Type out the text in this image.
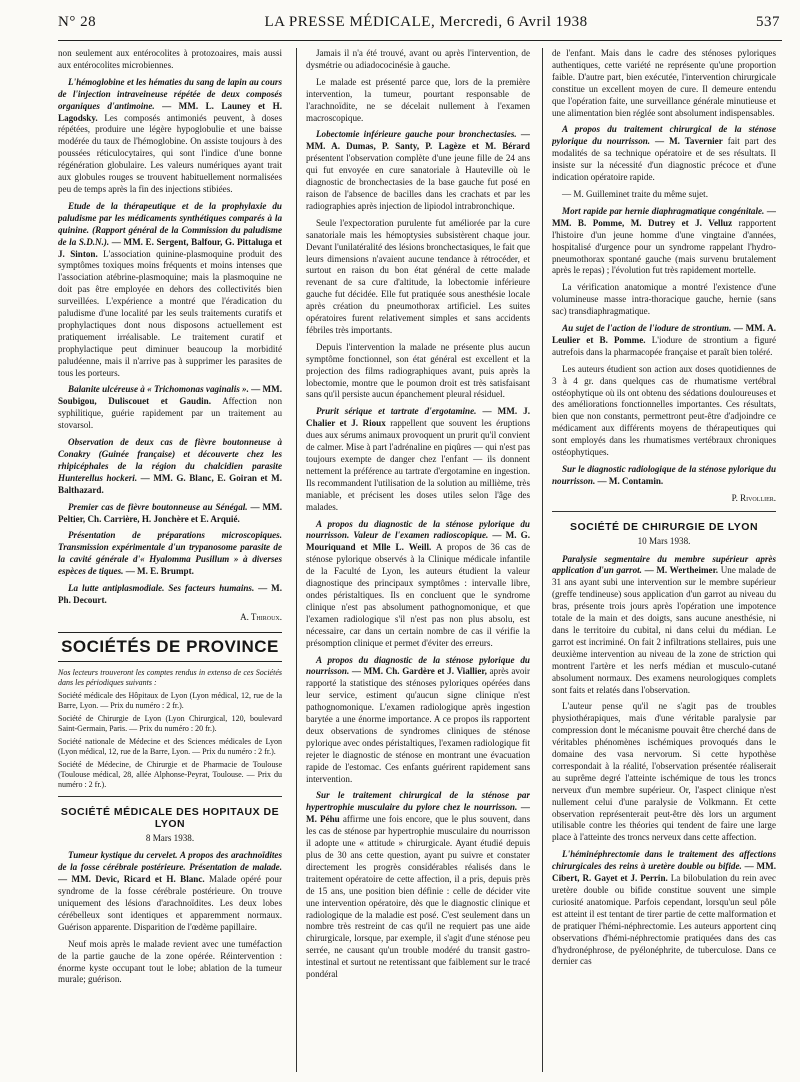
N° 28	LA PRESSE MÉDICALE, Mercredi, 6 Avril 1938	537

non seulement aux entérocolites à protozoaires, mais aussi aux entérocolites microbiennes.

L'hémoglobine et les hématies du sang de lapin au cours de l'injection intraveineuse répétée de deux composés organiques d'antimoine. — MM. L. Launey et H. Lagodsky. Les composés antimoniés peuvent, à doses répétées, produire une légère hypoglobulie et une baisse modérée du taux de l'hémoglobine. On assiste toujours à des poussées réticulocytaires, qui sont l'indice d'une bonne régénération globulaire. Les valeurs numériques ayant trait aux globules rouges se trouvent habituellement normalisées peu de temps après la fin des injections stibiées.

Etude de la thérapeutique et de la prophylaxie du paludisme par les médicaments synthétiques comparés à la quinine. (Rapport général de la Commission du paludisme de la S.D.N.). — MM. E. Sergent, Balfour, G. Pittaluga et J. Sinton. L'association quinine-plasmoquine produit des symptômes toxiques moins fréquents et moins intenses que l'association atébrine-plasmoquine; mais la plasmoquine ne doit pas être employée en dehors des collectivités bien surveillées. L'expérience a montré que l'éradication du paludisme d'une localité par les seuls traitements curatifs et prophylactiques dont nous disposons actuellement est pratiquement irréalisable. Le traitement curatif et prophylactique peut diminuer beaucoup la morbidité paludéenne, mais il n'arrive pas à supprimer les parasites de tous les porteurs.

Balanite ulcéreuse à « Trichomonas vaginalis ». — MM. Soubigou, Duliscouet et Gaudin. Affection non syphilitique, guérie rapidement par un traitement au stovarsol.

Observation de deux cas de fièvre boutonneuse à Conakry (Guinée française) et découverte chez les rhipicéphales de la région du chalcidien parasite Hunterellus hockeri. — MM. G. Blanc, E. Goiran et M. Balthazard.

Premier cas de fièvre boutonneuse au Sénégal. — MM. Peltier, Ch. Carrière, H. Jonchère et E. Arquié.

Présentation de préparations microscopiques. Transmission expérimentale d'un trypanosome parasite de la cavité générale d'« Hyalomma Pusillum » à diverses espèces de tiques. — M. E. Brumpt.

La lutte antiplasmodiale. Ses facteurs humains. — M. Ph. Decourt.

A. Thiroux.
SOCIÉTÉS DE PROVINCE

Nos lecteurs trouveront les comptes rendus in extenso de ces Sociétés dans les périodiques suivants :

Société médicale des Hôpitaux de Lyon (Lyon médical, 12, rue de la Barre, Lyon. — Prix du numéro : 2 fr.).

Société de Chirurgie de Lyon (Lyon Chirurgical, 120, boulevard Saint-Germain, Paris. — Prix du numéro : 20 fr.).

Société nationale de Médecine et des Sciences médicales de Lyon (Lyon médical, 12, rue de la Barre, Lyon. — Prix du numéro : 2 fr.).

Société de Médecine, de Chirurgie et de Pharmacie de Toulouse (Toulouse médical, 28, allée Alphonse-Peyrat, Toulouse. — Prix du numéro : 2 fr.).

SOCIÉTÉ MÉDICALE DES HOPITAUX DE LYON
8 Mars 1938.

Tumeur kystique du cervelet. A propos des arachnoïdites de la fosse cérébrale postérieure. Présentation de malade. — MM. Devic, Ricard et H. Blanc. Malade opéré pour syndrome de la fosse cérébrale postérieure. On trouve uniquement des lésions d'arachnoïdites. Les deux lobes cérébelleux sont identiques et apparemment normaux. Guérison apparente. Disparition de l'œdème papillaire.

Neuf mois après le malade revient avec une tuméfaction de la partie gauche de la zone opérée. Réintervention : énorme kyste occupant tout le lobe; ablation de la tumeur murale; guérison.

Jamais il n'a été trouvé, avant ou après l'intervention, de dysmétrie ou adiadococinésie à gauche.

Le malade est présenté parce que, lors de la première intervention, la tumeur, pourtant responsable de l'arachnoïdite, ne se décelait nullement à l'examen macroscopique.

Lobectomie inférieure gauche pour bronchectasies. — MM. A. Dumas, P. Santy, P. Lagèze et M. Bérard présentent l'observation complète d'une jeune fille de 24 ans qui fut envoyée en cure sanatoriale à Hauteville où le diagnostic de bronchectasies de la base gauche fut posé en raison de l'absence de bacilles dans les crachats et par les radiographies après injection de lipiodol intrabronchique.

Seule l'expectoration purulente fut améliorée par la cure sanatoriale mais les hémoptysies subsistèrent chaque jour. Devant l'unilatéralité des lésions bronchectasiques, le fait que leurs dimensions n'avaient aucune tendance à rétrocéder, et surtout en raison du bon état général de cette malade revenant de sa cure d'altitude, la lobectomie inférieure gauche fut décidée. Elle fut pratiquée sous anesthésie locale après création du pneumothorax artificiel. Les suites opératoires furent relativement simples et sans accidents fébriles très importants.

Depuis l'intervention la malade ne présente plus aucun symptôme fonctionnel, son état général est excellent et la projection des films radiographiques avant, puis après la lobectomie, montre que le poumon droit est très satisfaisant sans qu'il persiste aucun épanchement pleural résiduel.

Prurit sérique et tartrate d'ergotamine. — MM. J. Chalier et J. Rioux rappellent que souvent les éruptions dues aux sérums animaux provoquent un prurit qu'il convient de calmer. Mise à part l'adrénaline en piqûres — qui n'est pas toujours exempte de danger chez l'enfant — ils donnent nettement la préférence au tartrate d'ergotamine en ingestion. Ils recommandent l'utilisation de la solution au millième, très maniable, et précisent les doses utiles selon l'âge des malades.

A propos du diagnostic de la sténose pylorique du nourrisson. Valeur de l'examen radioscopique. — M. G. Mouriquand et Mlle L. Weill. A propos de 36 cas de sténose pylorique observés à la Clinique médicale infantile de la Faculté de Lyon, les auteurs étudient la valeur diagnostique des principaux symptômes : intervalle libre, ondes péristaltiques. Ils en concluent que le syndrome clinique n'est pas absolument pathognomonique, et que l'examen radiologique s'il n'est pas non plus absolu, est nécessaire, car dans un certain nombre de cas il vérifie la présomption clinique et permet d'éviter des erreurs.

A propos du diagnostic de la sténose pylorique du nourrisson. — MM. Ch. Gardère et J. Viallier, après avoir rapporté la statistique des sténoses pyloriques opérées dans leur service, estiment qu'aucun signe clinique n'est pathognomonique. L'examen radiologique après ingestion barytée a une énorme importance. A ce propos ils rapportent deux observations de syndromes cliniques de sténose pylorique avec ondes péristaltiques, l'examen radiologique fit rejeter le diagnostic de sténose en montrant une évacuation rapide de l'estomac. Ces enfants guérirent rapidement sans intervention.

Sur le traitement chirurgical de la sténose par hypertrophie musculaire du pylore chez le nourrisson. — M. Péhu affirme une fois encore, que le plus souvent, dans les cas de sténose par hypertrophie musculaire du nourrisson il adopte une « attitude » chirurgicale. Ayant étudié depuis plus de 30 ans cette question, ayant pu suivre et constater directement les progrès considérables réalisés dans le traitement opératoire de cette affection, il a pris, depuis près de 15 ans, une position bien définie : celle de décider vite une intervention opératoire, dès que le diagnostic clinique et radiologique de la maladie est posé. C'est seulement dans un nombre très restreint de cas qu'il ne requiert pas une aide chirurgicale, lorsque, par exemple, il s'agit d'une sténose peu serrée, ne causant qu'un trouble modéré du transit gastro-intestinal et surtout ne retentissant que faiblement sur le tracé pondéral

de l'enfant. Mais dans le cadre des sténoses pyloriques authentiques, cette variété ne représente qu'une proportion faible. D'autre part, bien exécutée, l'intervention chirurgicale constitue un excellent moyen de cure. Il demeure entendu que l'opération faite, une surveillance générale minutieuse et une alimentation bien réglée sont absolument indispensables.

A propos du traitement chirurgical de la sténose pylorique du nourrisson. — M. Tavernier fait part des modalités de sa technique opératoire et de ses résultats. Il insiste sur la nécessité d'un diagnostic précoce et d'une indication opératoire rapide.

— M. Guilleminet traite du même sujet.

Mort rapide par hernie diaphragmatique congénitale. — MM. B. Pomme, M. Dutrey et J. Velluz rapportent l'histoire d'un jeune homme d'une vingtaine d'années, hospitalisé d'urgence pour un syndrome rappelant l'hydro-pneumothorax spontané gauche (mais survenu brutalement après le repas) ; l'évolution fut très rapidement mortelle.

La vérification anatomique a montré l'existence d'une volumineuse masse intra-thoracique gauche, hernie (sans sac) transdiaphragmatique.

Au sujet de l'action de l'iodure de strontium. — MM. A. Leulier et B. Pomme. L'iodure de strontium a figuré autrefois dans la pharmacopée française et paraît bien toléré.

Les auteurs étudient son action aux doses quotidiennes de 3 à 4 gr. dans quelques cas de rhumatisme vertébral ostéophytique où ils ont obtenu des sédations douloureuses et des améliorations fonctionnelles importantes. Ces résultats, bien que non constants, permettront peut-être d'adjoindre ce médicament aux différents moyens de thérapeutiques qui sont employés dans les rhumatismes vertébraux chroniques ostéophytiques.

Sur le diagnostic radiologique de la sténose pylorique du nourrisson. — M. Contamin.

P. Rivollier.
SOCIÉTÉ DE CHIRURGIE DE LYON
10 Mars 1938.

Paralysie segmentaire du membre supérieur après application d'un garrot. — M. Wertheimer. Une malade de 31 ans ayant subi une intervention sur le membre supérieur (greffe tendineuse) sous application d'un garrot au niveau du bras, présente trois jours après l'opération une impotence totale de la main et des doigts, sans aucune anesthésie, ni dans le territoire du cubital, ni dans celui du médian. Le garrot est incriminé. On fait 2 infiltrations stellaires, puis une deuxième intervention au niveau de la zone de striction qui montrent l'artère et les nerfs médian et musculo-cutané absolument normaux. Des examens neurologiques complets sont faits et relatés dans l'observation.

L'auteur pense qu'il ne s'agit pas de troubles physiothérapiques, mais d'une véritable paralysie par compression dont le mécanisme pouvait être cherché dans de véritables phénomènes ischémiques provoqués dans le domaine des vasa nervorum. Si cette hypothèse correspondait à la réalité, l'observation présentée réaliserait au suprême degré l'atteinte ischémique de tous les troncs nerveux d'un membre supérieur. Or, l'aspect clinique n'est nullement celui d'une paralysie de Volkmann. Et cette observation représenterait peut-être dès lors un argument utilisable contre les théories qui tendent de faire une large place à l'atteinte des troncs nerveux dans cette affection.

L'héminéphrectomie dans le traitement des affections chirurgicales des reins à uretère double ou bifide. — MM. Cibert, R. Gayet et J. Perrin. La bilobulation du rein avec uretère double ou bifide constitue souvent une simple curiosité anatomique. Parfois cependant, lorsqu'un seul pôle est atteint il est tentant de tirer partie de cette malformation et de pratiquer l'hémi-néphrectomie. Les auteurs apportent cinq observations d'hémi-néphrectomie pratiquées dans des cas d'hydronéphrose, de pyélonéphrite, de tuberculose. Dans ce dernier cas
